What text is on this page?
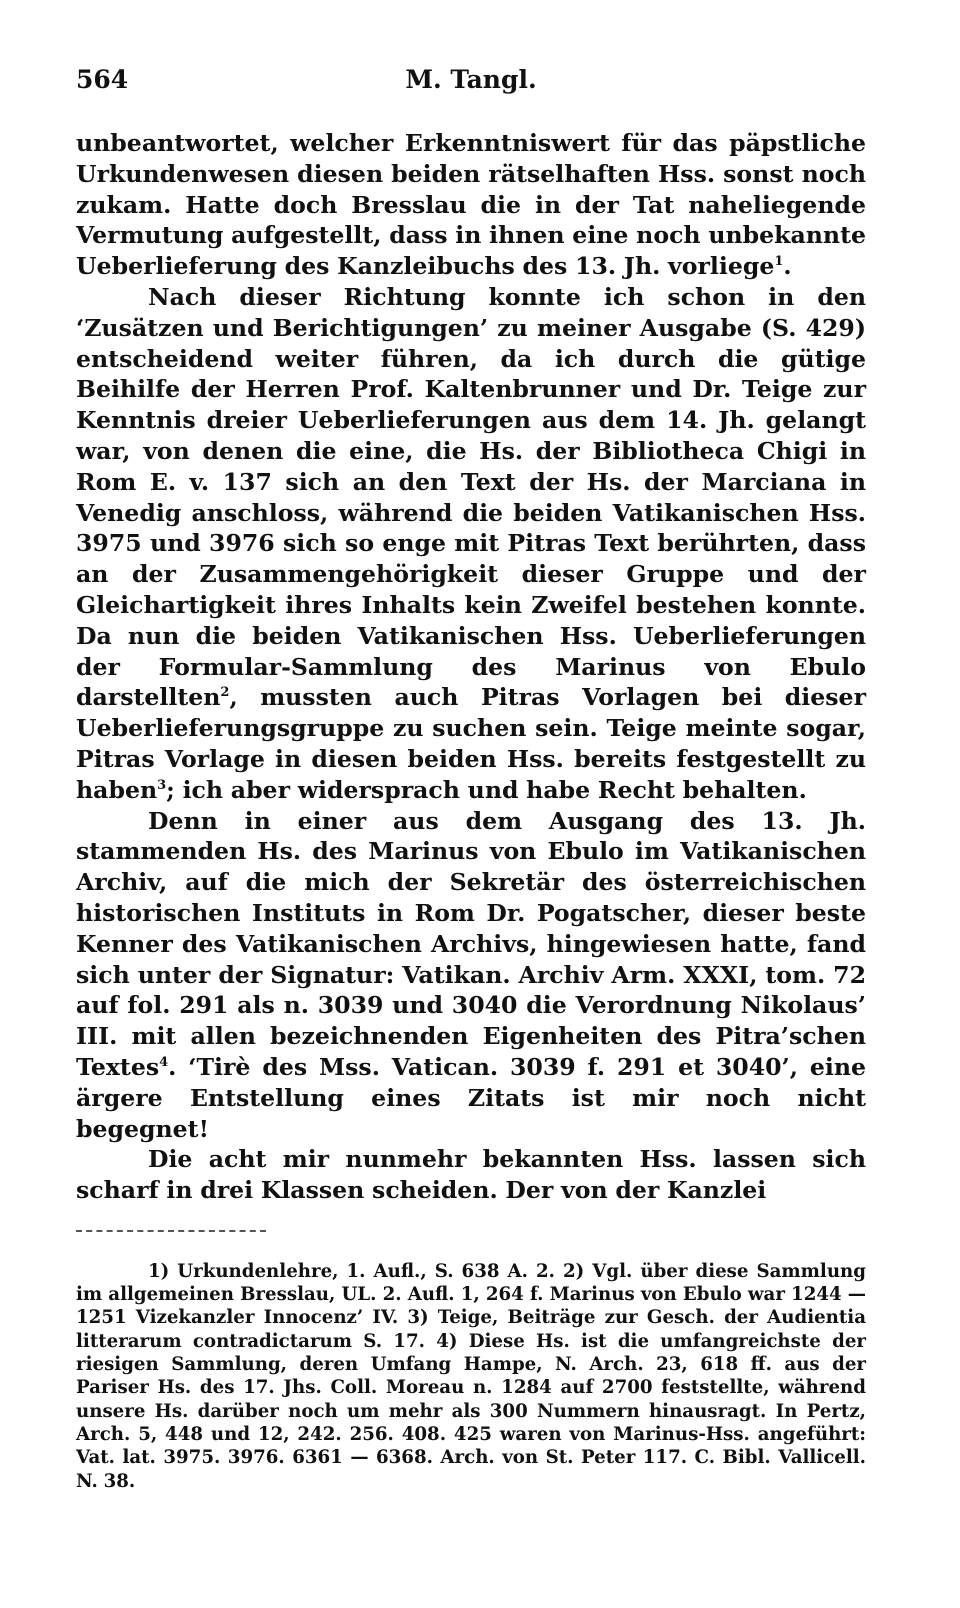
564	M. Tangl.

unbeantwortet, welcher Erkenntniswert für das päpstliche Urkundenwesen diesen beiden rätselhaften Hss. sonst noch zukam. Hatte doch Bresslau die in der Tat naheliegende Vermutung aufgestellt, dass in ihnen eine noch unbekannte Ueberlieferung des Kanzleibuchs des 13. Jh. vorliege$^1$.

Nach dieser Richtung konnte ich schon in den ‘Zusätzen und Berichtigungen’ zu meiner Ausgabe (S. 429) entscheidend weiter führen, da ich durch die gütige Beihilfe der Herren Prof. Kaltenbrunner und Dr. Teige zur Kenntnis dreier Ueberlieferungen aus dem 14. Jh. gelangt war, von denen die eine, die Hs. der Bibliotheca Chigi in Rom E. v. 137 sich an den Text der Hs. der Marciana in Venedig anschloss, während die beiden Vatikanischen Hss. 3975 und 3976 sich so enge mit Pitras Text berührten, dass an der Zusammengehörigkeit dieser Gruppe und der Gleichartigkeit ihres Inhalts kein Zweifel bestehen konnte. Da nun die beiden Vatikanischen Hss. Ueberlieferungen der Formular-Sammlung des Marinus von Ebulo darstellten$^2$, mussten auch Pitras Vorlagen bei dieser Ueberlieferungsgruppe zu suchen sein. Teige meinte sogar, Pitras Vorlage in diesen beiden Hss. bereits festgestellt zu haben$^3$; ich aber widersprach und habe Recht behalten.

Denn in einer aus dem Ausgang des 13. Jh. stammenden Hs. des Marinus von Ebulo im Vatikanischen Archiv, auf die mich der Sekretär des österreichischen historischen Instituts in Rom Dr. Pogatscher, dieser beste Kenner des Vatikanischen Archivs, hingewiesen hatte, fand sich unter der Signatur: Vatikan. Archiv Arm. XXXI, tom. 72 auf fol. 291 als n. 3039 und 3040 die Verordnung Nikolaus’ III. mit allen bezeichnenden Eigenheiten des Pitra’schen Textes$^4$. ‘Tirè des Mss. Vatican. 3039 f. 291 et 3040’, eine ärgere Entstellung eines Zitats ist mir noch nicht begegnet!

Die acht mir nunmehr bekannten Hss. lassen sich scharf in drei Klassen scheiden. Der von der Kanzlei

1) Urkundenlehre, 1. Aufl., S. 638 A. 2. 2) Vgl. über diese Sammlung im allgemeinen Bresslau, UL. 2. Aufl. 1, 264 f. Marinus von Ebulo war 1244 — 1251 Vizekanzler Innocenz’ IV. 3) Teige, Beiträge zur Gesch. der Audientia litterarum contradictarum S. 17. 4) Diese Hs. ist die umfangreichste der riesigen Sammlung, deren Umfang Hampe, N. Arch. 23, 618 ff. aus der Pariser Hs. des 17. Jhs. Coll. Moreau n. 1284 auf 2700 feststellte, während unsere Hs. darüber noch um mehr als 300 Nummern hinausragt. In Pertz, Arch. 5, 448 und 12, 242. 256. 408. 425 waren von Marinus-Hss. angeführt: Vat. lat. 3975. 3976. 6361 — 6368. Arch. von St. Peter 117. C. Bibl. Vallicell. N. 38.
